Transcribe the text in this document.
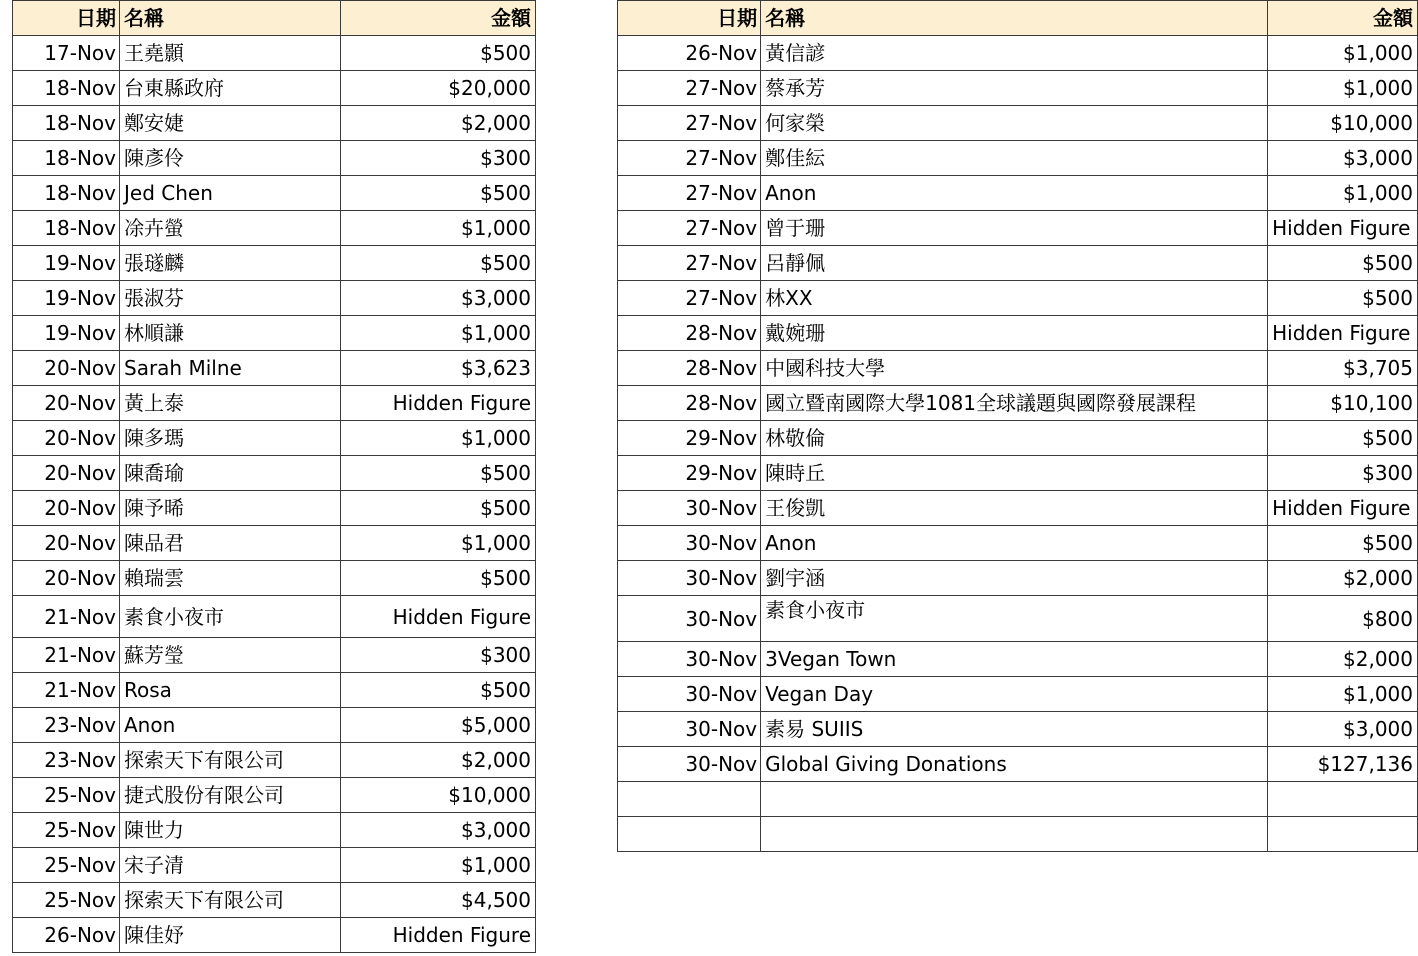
日期	名稱	金額
17-Nov	王堯顥	$500
18-Nov	台東縣政府	$20,000
18-Nov	鄭安婕	$2,000
18-Nov	陳彥伶	$300
18-Nov	Jed Chen	$500
18-Nov	凃卉螢	$1,000
19-Nov	張璲麟	$500
19-Nov	張淑芬	$3,000
19-Nov	林順謙	$1,000
20-Nov	Sarah Milne	$3,623
20-Nov	黃上泰	Hidden Figure
20-Nov	陳多瑪	$1,000
20-Nov	陳喬瑜	$500
20-Nov	陳予晞	$500
20-Nov	陳品君	$1,000
20-Nov	賴瑞雲	$500
21-Nov	素食小夜市	Hidden Figure
21-Nov	蘇芳瑩	$300
21-Nov	Rosa	$500
23-Nov	Anon	$5,000
23-Nov	探索天下有限公司	$2,000
25-Nov	捷式股份有限公司	$10,000
25-Nov	陳世力	$3,000
25-Nov	宋子清	$1,000
25-Nov	探索天下有限公司	$4,500
26-Nov	陳佳妤	Hidden Figure
日期	名稱	金額
26-Nov	黃信諺	$1,000
27-Nov	蔡承芳	$1,000
27-Nov	何家榮	$10,000
27-Nov	鄭佳紜	$3,000
27-Nov	Anon	$1,000
27-Nov	曾于珊	Hidden Figure
27-Nov	呂靜佩	$500
27-Nov	林XX	$500
28-Nov	戴婉珊	Hidden Figure
28-Nov	中國科技大學	$3,705
28-Nov	國立暨南國際大學1081全球議題與國際發展課程	$10,100
29-Nov	林敬倫	$500
29-Nov	陳時丘	$300
30-Nov	王俊凱	Hidden Figure
30-Nov	Anon	$500
30-Nov	劉宇涵	$2,000
30-Nov	素食小夜市	$800
30-Nov	3Vegan Town	$2,000
30-Nov	Vegan Day	$1,000
30-Nov	素易 SUIIS	$3,000
30-Nov	Global Giving Donations	$127,136
